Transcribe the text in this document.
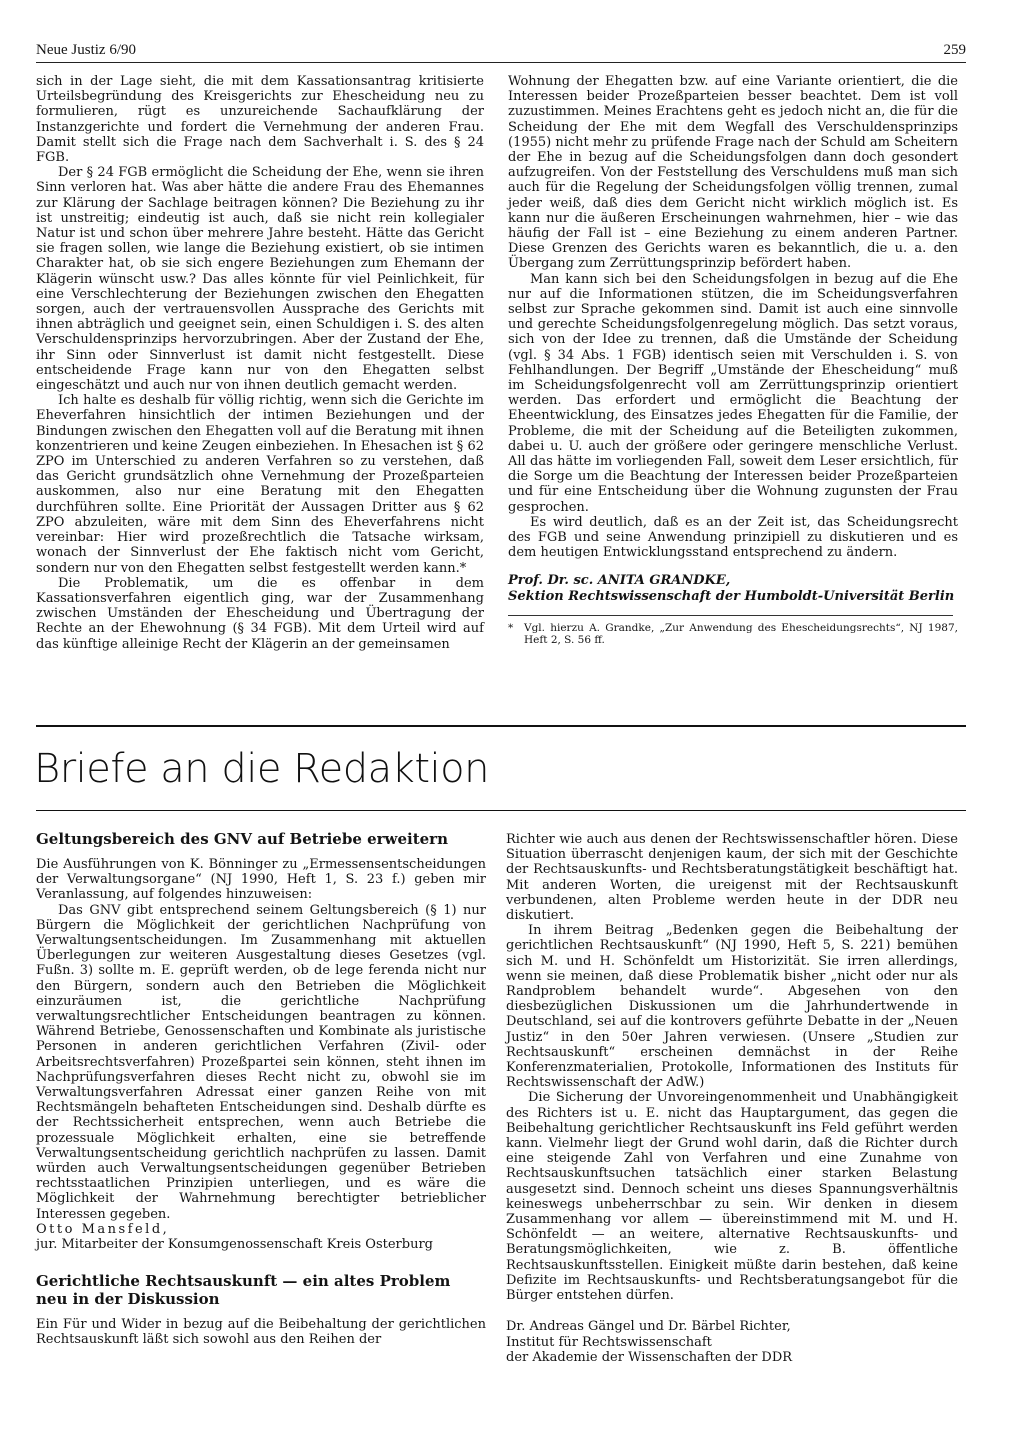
Neue Justiz 6/90	259

sich in der Lage sieht, die mit dem Kassationsantrag kritisierte Urteilsbegründung des Kreisgerichts zur Ehescheidung neu zu formulieren, rügt es unzureichende Sachaufklärung der Instanzgerichte und fordert die Vernehmung der anderen Frau. Damit stellt sich die Frage nach dem Sachverhalt i. S. des § 24 FGB.

Der § 24 FGB ermöglicht die Scheidung der Ehe, wenn sie ihren Sinn verloren hat. Was aber hätte die andere Frau des Ehemannes zur Klärung der Sachlage beitragen können? Die Beziehung zu ihr ist unstreitig; eindeutig ist auch, daß sie nicht rein kollegialer Natur ist und schon über mehrere Jahre besteht. Hätte das Gericht sie fragen sollen, wie lange die Beziehung existiert, ob sie intimen Charakter hat, ob sie sich engere Beziehungen zum Ehemann der Klägerin wünscht usw.? Das alles könnte für viel Peinlichkeit, für eine Verschlechterung der Beziehungen zwischen den Ehegatten sorgen, auch der vertrauensvollen Aussprache des Gerichts mit ihnen abträglich und geeignet sein, einen Schuldigen i. S. des alten Verschuldensprinzips hervorzubringen. Aber der Zustand der Ehe, ihr Sinn oder Sinnverlust ist damit nicht festgestellt. Diese entscheidende Frage kann nur von den Ehegatten selbst eingeschätzt und auch nur von ihnen deutlich gemacht werden.

Ich halte es deshalb für völlig richtig, wenn sich die Gerichte im Eheverfahren hinsichtlich der intimen Beziehungen und der Bindungen zwischen den Ehegatten voll auf die Beratung mit ihnen konzentrieren und keine Zeugen einbeziehen. In Ehesachen ist § 62 ZPO im Unterschied zu anderen Verfahren so zu verstehen, daß das Gericht grundsätzlich ohne Vernehmung der Prozeßparteien auskommen, also nur eine Beratung mit den Ehegatten durchführen sollte. Eine Priorität der Aussagen Dritter aus § 62 ZPO abzuleiten, wäre mit dem Sinn des Eheverfahrens nicht vereinbar: Hier wird prozeßrechtlich die Tatsache wirksam, wonach der Sinnverlust der Ehe faktisch nicht vom Gericht, sondern nur von den Ehegatten selbst festgestellt werden kann.*

Die Problematik, um die es offenbar in dem Kassationsverfahren eigentlich ging, war der Zusammenhang zwischen Umständen der Ehescheidung und Übertragung der Rechte an der Ehewohnung (§ 34 FGB). Mit dem Urteil wird auf das künftige alleinige Recht der Klägerin an der gemeinsamen

Wohnung der Ehegatten bzw. auf eine Variante orientiert, die die Interessen beider Prozeßparteien besser beachtet. Dem ist voll zuzustimmen. Meines Erachtens geht es jedoch nicht an, die für die Scheidung der Ehe mit dem Wegfall des Verschuldensprinzips (1955) nicht mehr zu prüfende Frage nach der Schuld am Scheitern der Ehe in bezug auf die Scheidungsfolgen dann doch gesondert aufzugreifen. Von der Feststellung des Verschuldens muß man sich auch für die Regelung der Scheidungsfolgen völlig trennen, zumal jeder weiß, daß dies dem Gericht nicht wirklich möglich ist. Es kann nur die äußeren Erscheinungen wahrnehmen, hier – wie das häufig der Fall ist – eine Beziehung zu einem anderen Partner. Diese Grenzen des Gerichts waren es bekanntlich, die u. a. den Übergang zum Zerrüttungsprinzip befördert haben.

Man kann sich bei den Scheidungsfolgen in bezug auf die Ehe nur auf die Informationen stützen, die im Scheidungsverfahren selbst zur Sprache gekommen sind. Damit ist auch eine sinnvolle und gerechte Scheidungsfolgenregelung möglich. Das setzt voraus, sich von der Idee zu trennen, daß die Umstände der Scheidung (vgl. § 34 Abs. 1 FGB) identisch seien mit Verschulden i. S. von Fehlhandlungen. Der Begriff „Umstände der Ehescheidung“ muß im Scheidungsfolgenrecht voll am Zerrüttungsprinzip orientiert werden. Das erfordert und ermöglicht die Beachtung der Eheentwicklung, des Einsatzes jedes Ehegatten für die Familie, der Probleme, die mit der Scheidung auf die Beteiligten zukommen, dabei u. U. auch der größere oder geringere menschliche Verlust. All das hätte im vorliegenden Fall, soweit dem Leser ersichtlich, für die Sorge um die Beachtung der Interessen beider Prozeßparteien und für eine Entscheidung über die Wohnung zugunsten der Frau gesprochen.

Es wird deutlich, daß es an der Zeit ist, das Scheidungsrecht des FGB und seine Anwendung prinzipiell zu diskutieren und es dem heutigen Entwicklungsstand entsprechend zu ändern.

Prof. Dr. sc. ANITA GRANDKE,
Sektion Rechtswissenschaft der Humboldt-Universität Berlin
*	Vgl. hierzu A. Grandke, „Zur Anwendung des Ehescheidungsrechts“, NJ 1987, Heft 2, S. 56 ff.
Briefe an die Redaktion
Geltungsbereich des GNV auf Betriebe erweitern

Die Ausführungen von K. Bönninger zu „Ermessensentscheidungen der Verwaltungsorgane“ (NJ 1990, Heft 1, S. 23 f.) geben mir Veranlassung, auf folgendes hinzuweisen:

Das GNV gibt entsprechend seinem Geltungsbereich (§ 1) nur Bürgern die Möglichkeit der gerichtlichen Nachprüfung von Verwaltungsentscheidungen. Im Zusammenhang mit aktuellen Überlegungen zur weiteren Ausgestaltung dieses Gesetzes (vgl. Fußn. 3) sollte m. E. geprüft werden, ob de lege ferenda nicht nur den Bürgern, sondern auch den Betrieben die Möglichkeit einzuräumen ist, die gerichtliche Nachprüfung verwaltungsrechtlicher Entscheidungen beantragen zu können. Während Betriebe, Genossenschaften und Kombinate als juristische Personen in anderen gerichtlichen Verfahren (Zivil- oder Arbeitsrechtsverfahren) Prozeßpartei sein können, steht ihnen im Nachprüfungsverfahren dieses Recht nicht zu, obwohl sie im Verwaltungsverfahren Adressat einer ganzen Reihe von mit Rechtsmängeln behafteten Entscheidungen sind. Deshalb dürfte es der Rechtssicherheit entsprechen, wenn auch Betriebe die prozessuale Möglichkeit erhalten, eine sie betreffende Verwaltungsentscheidung gerichtlich nachprüfen zu lassen. Damit würden auch Verwaltungsentscheidungen gegenüber Betrieben rechtsstaatlichen Prinzipien unterliegen, und es wäre die Möglichkeit der Wahrnehmung berechtigter betrieblicher Interessen gegeben.

Otto Mansfeld,
jur. Mitarbeiter der Konsumgenossenschaft Kreis Osterburg
Gerichtliche Rechtsauskunft — ein altes Problem neu in der Diskussion

Ein Für und Wider in bezug auf die Beibehaltung der gerichtlichen Rechtsauskunft läßt sich sowohl aus den Reihen der

Richter wie auch aus denen der Rechtswissenschaftler hören. Diese Situation überrascht denjenigen kaum, der sich mit der Geschichte der Rechtsauskunfts- und Rechtsberatungstätigkeit beschäftigt hat. Mit anderen Worten, die ureigenst mit der Rechtsauskunft verbundenen, alten Probleme werden heute in der DDR neu diskutiert.

In ihrem Beitrag „Bedenken gegen die Beibehaltung der gerichtlichen Rechtsauskunft“ (NJ 1990, Heft 5, S. 221) bemühen sich M. und H. Schönfeldt um Historizität. Sie irren allerdings, wenn sie meinen, daß diese Problematik bisher „nicht oder nur als Randproblem behandelt wurde“. Abgesehen von den diesbezüglichen Diskussionen um die Jahrhundertwende in Deutschland, sei auf die kontrovers geführte Debatte in der „Neuen Justiz“ in den 50er Jahren verwiesen. (Unsere „Studien zur Rechtsauskunft“ erscheinen demnächst in der Reihe Konferenzmaterialien, Protokolle, Informationen des Instituts für Rechtswissenschaft der AdW.)

Die Sicherung der Unvoreingenommenheit und Unabhängigkeit des Richters ist u. E. nicht das Hauptargument, das gegen die Beibehaltung gerichtlicher Rechtsauskunft ins Feld geführt werden kann. Vielmehr liegt der Grund wohl darin, daß die Richter durch eine steigende Zahl von Verfahren und eine Zunahme von Rechtsauskunftsuchen tatsächlich einer starken Belastung ausgesetzt sind. Dennoch scheint uns dieses Spannungsverhältnis keineswegs unbeherrschbar zu sein. Wir denken in diesem Zusammenhang vor allem — übereinstimmend mit M. und H. Schönfeldt — an weitere, alternative Rechtsauskunfts- und Beratungsmöglichkeiten, wie z. B. öffentliche Rechtsauskunftsstellen. Einigkeit müßte darin bestehen, daß keine Defizite im Rechtsauskunfts- und Rechtsberatungsangebot für die Bürger entstehen dürfen.

Dr. Andreas Gängel und Dr. Bärbel Richter,
Institut für Rechtswissenschaft
der Akademie der Wissenschaften der DDR
